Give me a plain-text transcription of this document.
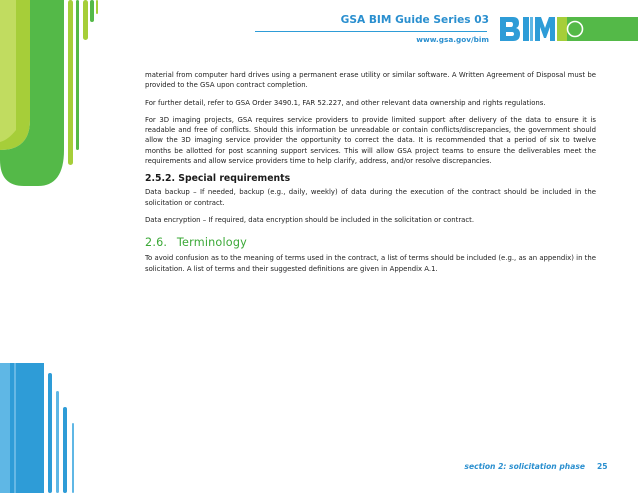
GSA BIM Guide Series 03
www.gsa.gov/bim
BIM

material from computer hard drives using a permanent erase utility or similar software. A Written Agreement of Disposal must be provided to the GSA upon contract completion.

For further detail, refer to GSA Order 3490.1, FAR 52.227, and other relevant data ownership and rights regulations.

For 3D imaging projects, GSA requires service providers to provide limited support after delivery of the data to ensure it is readable and free of conflicts. Should this information be unreadable or contain conflicts/discrepancies, the government should allow the 3D imaging service provider the opportunity to correct the data. It is recommended that a period of six to twelve months be allotted for post scanning support services. This will allow GSA project teams to ensure the deliverables meet the requirements and allow service providers time to help clarify, address, and/or resolve discrepancies.

2.5.2. Special requirements

Data backup – If needed, backup (e.g., daily, weekly) of data during the execution of the contract should be included in the solicitation or contract.

Data encryption – If required, data encryption should be included in the solicitation or contract.

2.6. Terminology

To avoid confusion as to the meaning of terms used in the contract, a list of terms should be included (e.g., as an appendix) in the solicitation. A list of terms and their suggested definitions are given in Appendix A.1.

section 2: solicitation phase 25
